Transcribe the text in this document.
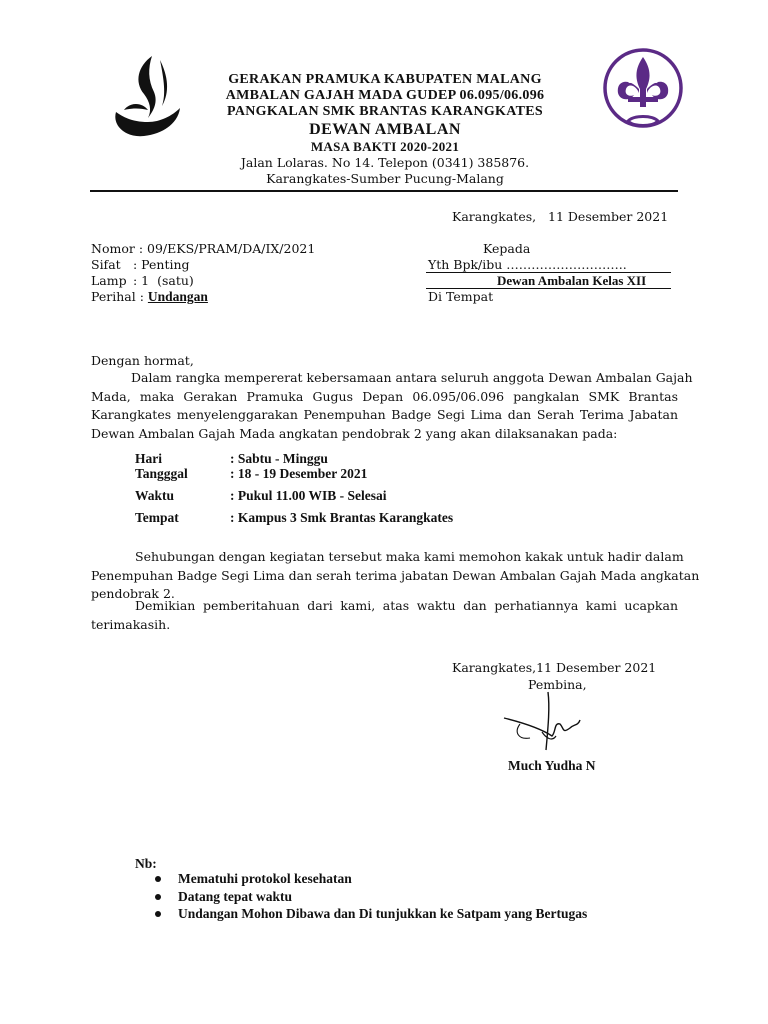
GERAKAN PRAMUKA KABUPATEN MALANG
AMBALAN GAJAH MADA GUDEP 06.095/06.096
PANGKALAN SMK BRANTAS KARANGKATES
DEWAN AMBALAN
MASA BAKTI 2020-2021
Jalan Lolaras. No 14. Telepon (0341) 385876.
Karangkates-Sumber Pucung-Malang
Karangkates,   11 Desember 2021
Nomor : 09/EKS/PRAM/DA/IX/2021
Sifat : Penting
Lamp : 1  (satu)
Perihal : Undangan
Kepada
Yth Bpk/ibu ………………………..
Dewan Ambalan Kelas XII
Di Tempat
Dengan hormat,
Dalam rangka mempererat kebersamaan antara seluruh anggota Dewan Ambalan Gajah
Mada, maka Gerakan Pramuka Gugus Depan 06.095/06.096 pangkalan SMK Brantas
Karangkates menyelenggarakan Penempuhan Badge Segi Lima dan Serah Terima Jabatan
Dewan Ambalan Gajah Mada angkatan pendobrak 2 yang akan dilaksanakan pada:
Hari	: Sabtu - Minggu
Tangggal	: 18 - 19 Desember 2021
Waktu	: Pukul 11.00 WIB - Selesai
Tempat	: Kampus 3 Smk Brantas Karangkates
Sehubungan dengan kegiatan tersebut maka kami memohon kakak untuk hadir dalam
Penempuhan Badge Segi Lima dan serah terima jabatan Dewan Ambalan Gajah Mada angkatan
pendobrak 2.
Demikian pemberitahuan dari kami, atas waktu dan perhatiannya kami ucapkan
terimakasih.
Karangkates,11 Desember 2021
Pembina,
Much Yudha N
Nb:
Mematuhi protokol kesehatan
Datang tepat waktu
Undangan Mohon Dibawa dan Di tunjukkan ke Satpam yang Bertugas
